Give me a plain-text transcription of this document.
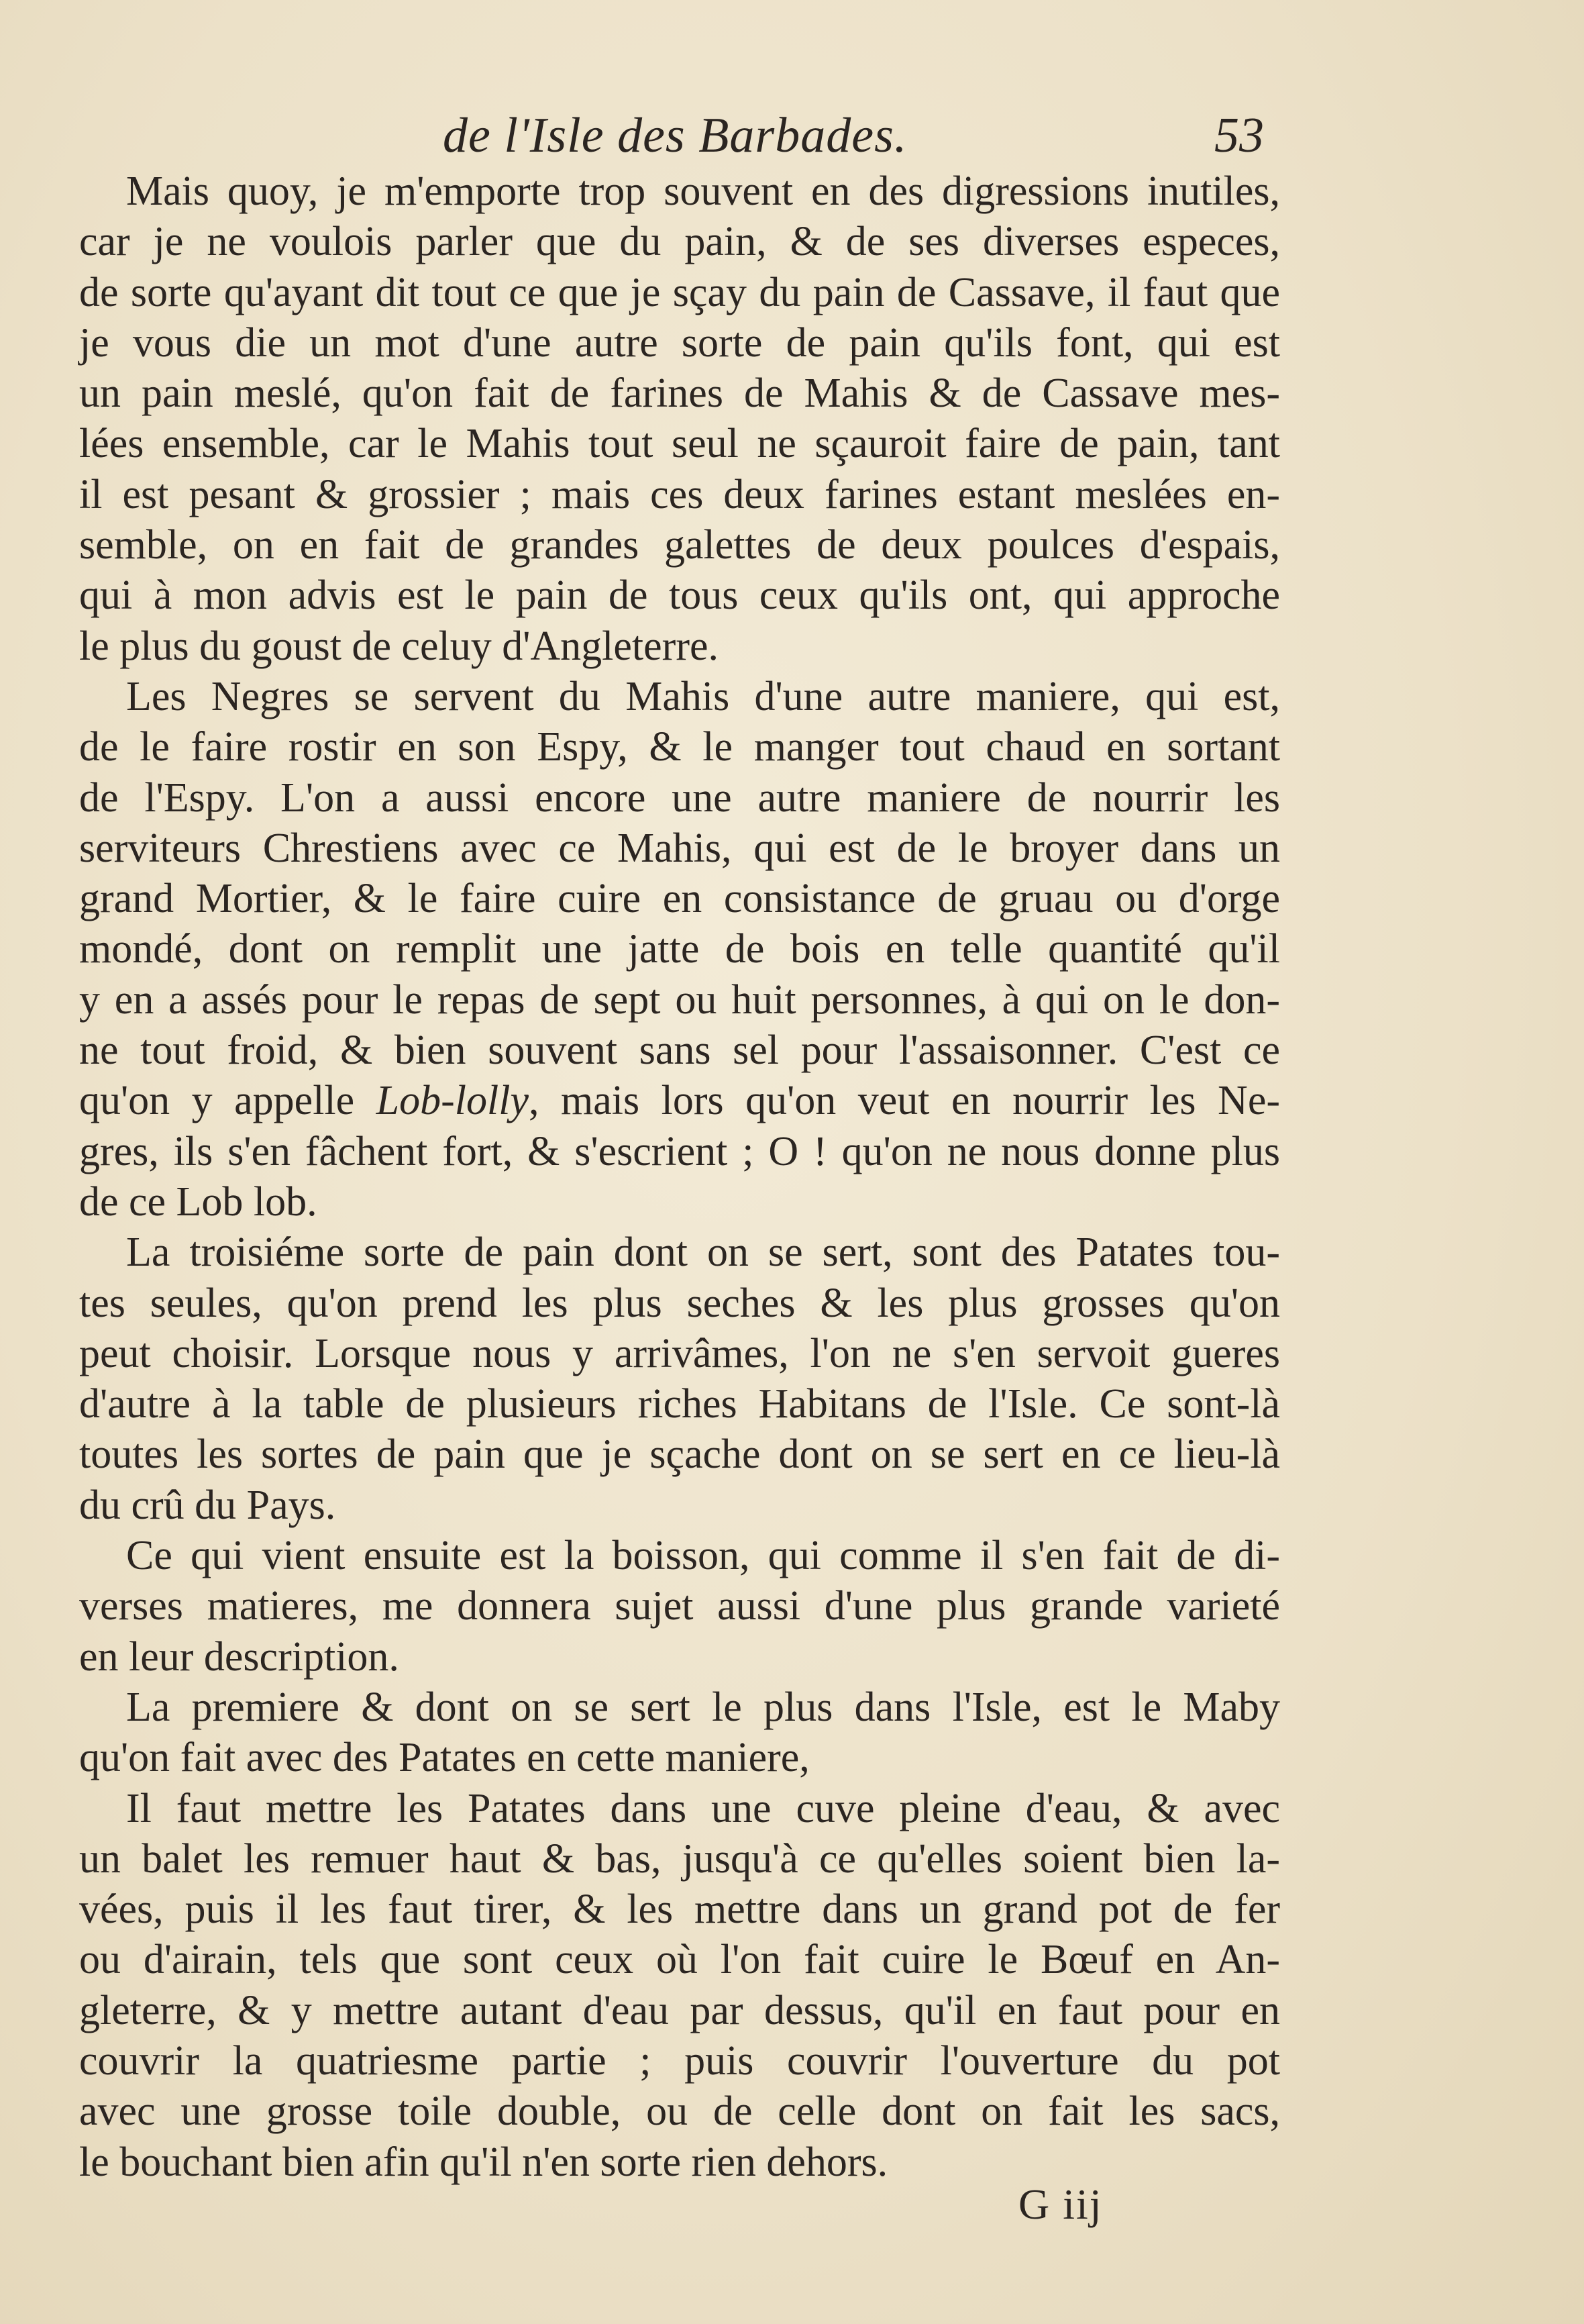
de l'Isle des Barbades.	53
Mais quoy, je m'emporte trop souvent en des digressions inutiles,
car je ne voulois parler que du pain, & de ses diverses especes,
de sorte qu'ayant dit tout ce que je sçay du pain de Cassave, il faut que
je vous die un mot d'une autre sorte de pain qu'ils font, qui est
un pain meslé, qu'on fait de farines de Mahis & de Cassave mes-
lées ensemble, car le Mahis tout seul ne sçauroit faire de pain, tant
il est pesant & grossier ; mais ces deux farines estant meslées en-
semble, on en fait de grandes galettes de deux poulces d'espais,
qui à mon advis est le pain de tous ceux qu'ils ont, qui approche
le plus du goust de celuy d'Angleterre.
Les Negres se servent du Mahis d'une autre maniere, qui est,
de le faire rostir en son Espy, & le manger tout chaud en sortant
de l'Espy. L'on a aussi encore une autre maniere de nourrir les
serviteurs Chrestiens avec ce Mahis, qui est de le broyer dans un
grand Mortier, & le faire cuire en consistance de gruau ou d'orge
mondé, dont on remplit une jatte de bois en telle quantité qu'il
y en a assés pour le repas de sept ou huit personnes, à qui on le don-
ne tout froid, & bien souvent sans sel pour l'assaisonner. C'est ce
qu'on y appelle Lob-lolly, mais lors qu'on veut en nourrir les Ne-
gres, ils s'en fâchent fort, & s'escrient ; O ! qu'on ne nous donne plus
de ce Lob lob.
La troisiéme sorte de pain dont on se sert, sont des Patates tou-
tes seules, qu'on prend les plus seches & les plus grosses qu'on
peut choisir. Lorsque nous y arrivâmes, l'on ne s'en servoit gueres
d'autre à la table de plusieurs riches Habitans de l'Isle. Ce sont-là
toutes les sortes de pain que je sçache dont on se sert en ce lieu-là
du crû du Pays.
Ce qui vient ensuite est la boisson, qui comme il s'en fait de di-
verses matieres, me donnera sujet aussi d'une plus grande varieté
en leur description.
La premiere & dont on se sert le plus dans l'Isle, est le Maby
qu'on fait avec des Patates en cette maniere,
Il faut mettre les Patates dans une cuve pleine d'eau, & avec
un balet les remuer haut & bas, jusqu'à ce qu'elles soient bien la-
vées, puis il les faut tirer, & les mettre dans un grand pot de fer
ou d'airain, tels que sont ceux où l'on fait cuire le Bœuf en An-
gleterre, & y mettre autant d'eau par dessus, qu'il en faut pour en
couvrir la quatriesme partie ; puis couvrir l'ouverture du pot
avec une grosse toile double, ou de celle dont on fait les sacs,
le bouchant bien afin qu'il n'en sorte rien dehors.
G iij
